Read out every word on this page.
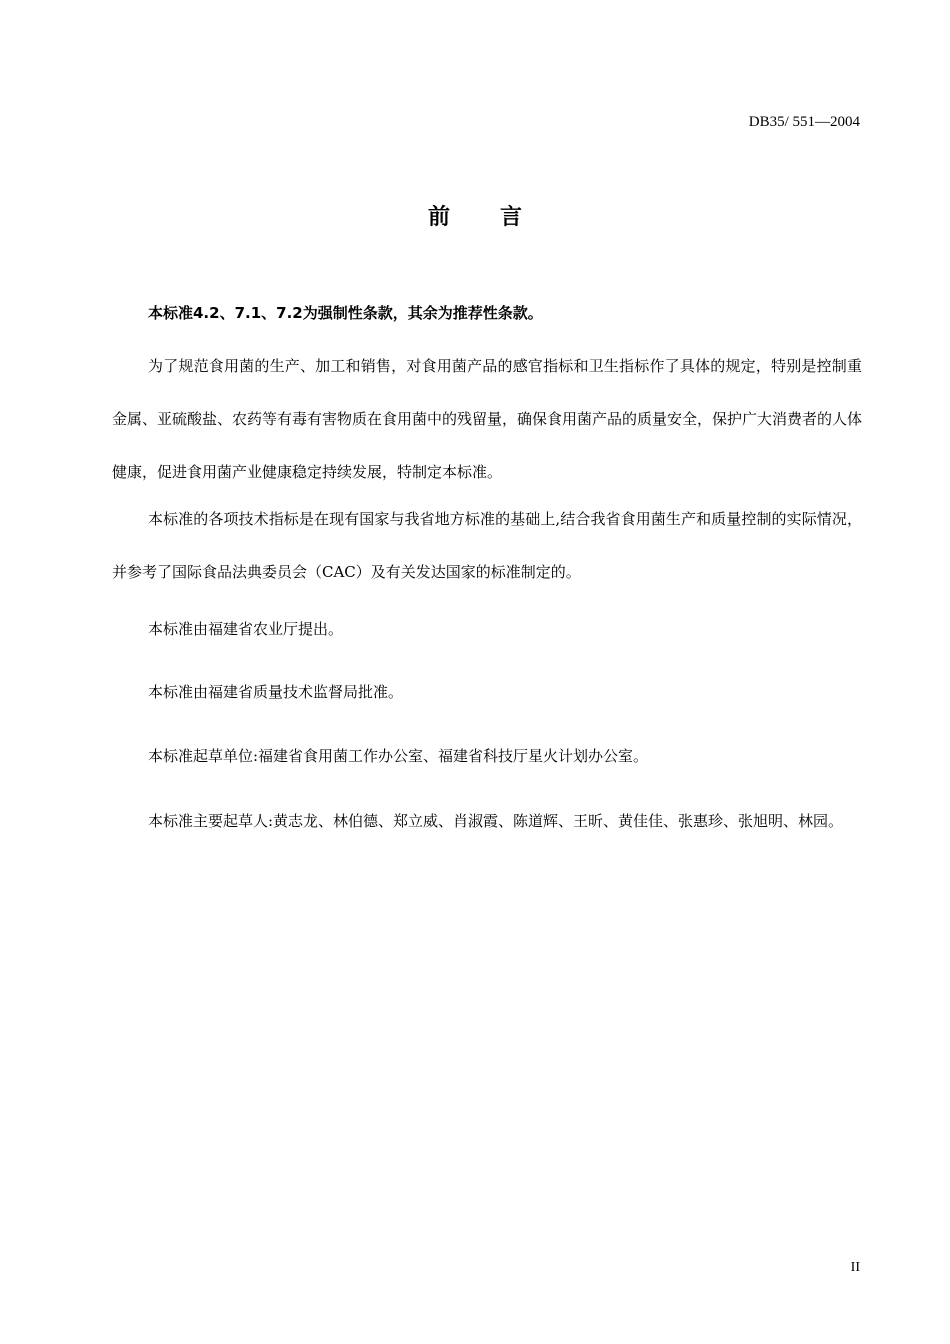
DB35/ 551—2004
前言

本标准4.2、7.1、7.2为强制性条款，其余为推荐性条款。

为了规范食用菌的生产、加工和销售，对食用菌产品的感官指标和卫生指标作了具体的规定，特别是控制重金属、亚硫酸盐、农药等有毒有害物质在食用菌中的残留量，确保食用菌产品的质量安全，保护广大消费者的人体健康，促进食用菌产业健康稳定持续发展，特制定本标准。

本标准的各项技术指标是在现有国家与我省地方标准的基础上,结合我省食用菌生产和质量控制的实际情况，并参考了国际食品法典委员会（CAC）及有关发达国家的标准制定的。

本标准由福建省农业厅提出。

本标准由福建省质量技术监督局批准。

本标准起草单位:福建省食用菌工作办公室、福建省科技厅星火计划办公室。

本标准主要起草人:黄志龙、林伯德、郑立威、肖淑霞、陈道辉、王昕、黄佳佳、张惠珍、张旭明、林园。

II
